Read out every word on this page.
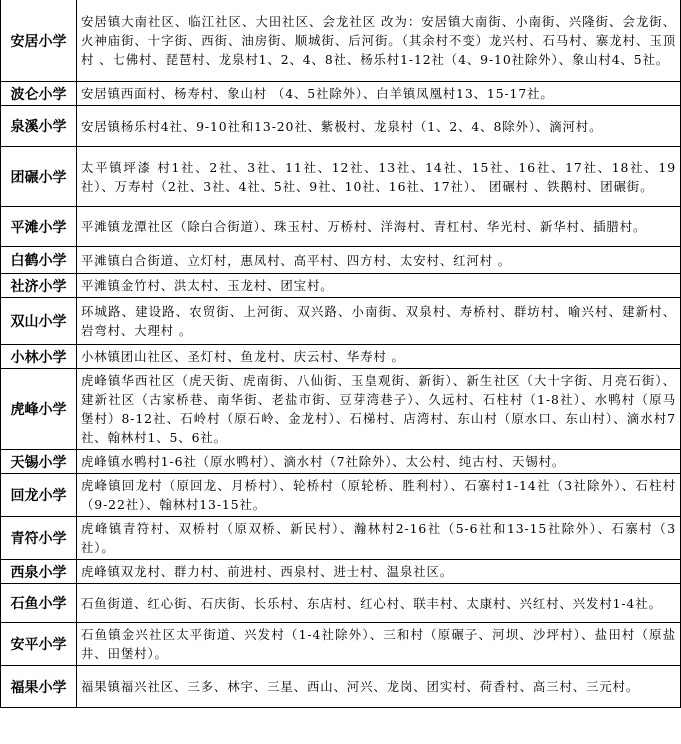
安居小学	安居镇大南社区、临江社区、大田社区、会龙社区 改为：安居镇大南街、小南街、兴隆街、会龙街、火神庙街、十字街、西街、油房街、顺城街、后河街。（其余村不变）龙兴村、石马村、寨龙村、玉顶村 、七佛村、琵琶村、龙泉村1、2、4、8社、杨乐村1-12社（4、9-10社除外）、象山村4、5社。
波仑小学	安居镇西面村、杨寿村、象山村 （4、5社除外）、白羊镇凤凰村13、15-17社。
泉溪小学	安居镇杨乐村4社、9-10社和13-20社、紫极村、龙泉村（1、2、4、8除外）、滴河村。
团碾小学	太平镇坪漆 村1社、2社、3社、11社、12社、13社、14社、15社、16社、17社、18社、19社）、万寿村（2社、3社、4社、5社、9社、10社、16社、17社）、 团碾村 、铁鹅村、团碾街。
平滩小学	平滩镇龙潭社区（除白合街道）、珠玉村、万桥村、洋海村、青杠村、华光村、新华村、插腊村。
白鹤小学	平滩镇白合街道、立灯村，惠凤村、高平村、四方村、太安村、红河村 。
社济小学	平滩镇金竹村、洪太村、玉龙村、团宝村。
双山小学	环城路、建设路、农贸街、上河街、双兴路、小南街、双泉村、寿桥村、群坊村、喻兴村、建新村、岩弯村、大理村 。
小林小学	小林镇团山社区、圣灯村、鱼龙村、庆云村、华寿村 。
虎峰小学	虎峰镇华西社区（虎天街、虎南街、八仙街、玉皇观街、新街）、新生社区（大十字街、月亮石街）、建新社区（古家桥巷、南华街、老盐市街、豆芽湾巷子）、久远村、石柱村（1-8社）、水鸭村（原马堡村）8-12社、石岭村（原石岭、金龙村）、石梯村、店湾村、东山村（原水口、东山村）、滴水村7社、翰林村1、5、6社。
天锡小学	虎峰镇水鸭村1-6社（原水鸭村）、滴水村（7社除外）、太公村、纯古村、天锡村。
回龙小学	虎峰镇回龙村（原回龙、月桥村）、轮桥村（原轮桥、胜利村）、石寨村1-14社（3社除外）、石柱村（9-22社）、翰林村13-15社。
青符小学	虎峰镇青符村、双桥村（原双桥、新民村）、瀚林村2-16社（5-6社和13-15社除外）、石寨村（3社）。
西泉小学	虎峰镇双龙村、群力村、前进村、西泉村、进士村、温泉社区。
石鱼小学	石鱼街道、红心街、石庆街、长乐村、东店村、红心村、联丰村、太康村、兴红村、兴发村1-4社。
安平小学	石鱼镇金兴社区太平街道、兴发村（1-4社除外）、三和村（原碾子、河坝、沙坪村）、盐田村（原盐井、田堡村）。
福果小学	福果镇福兴社区、三多、林宇、三星、西山、河兴、龙岗、团实村、荷香村、高三村、三元村。
